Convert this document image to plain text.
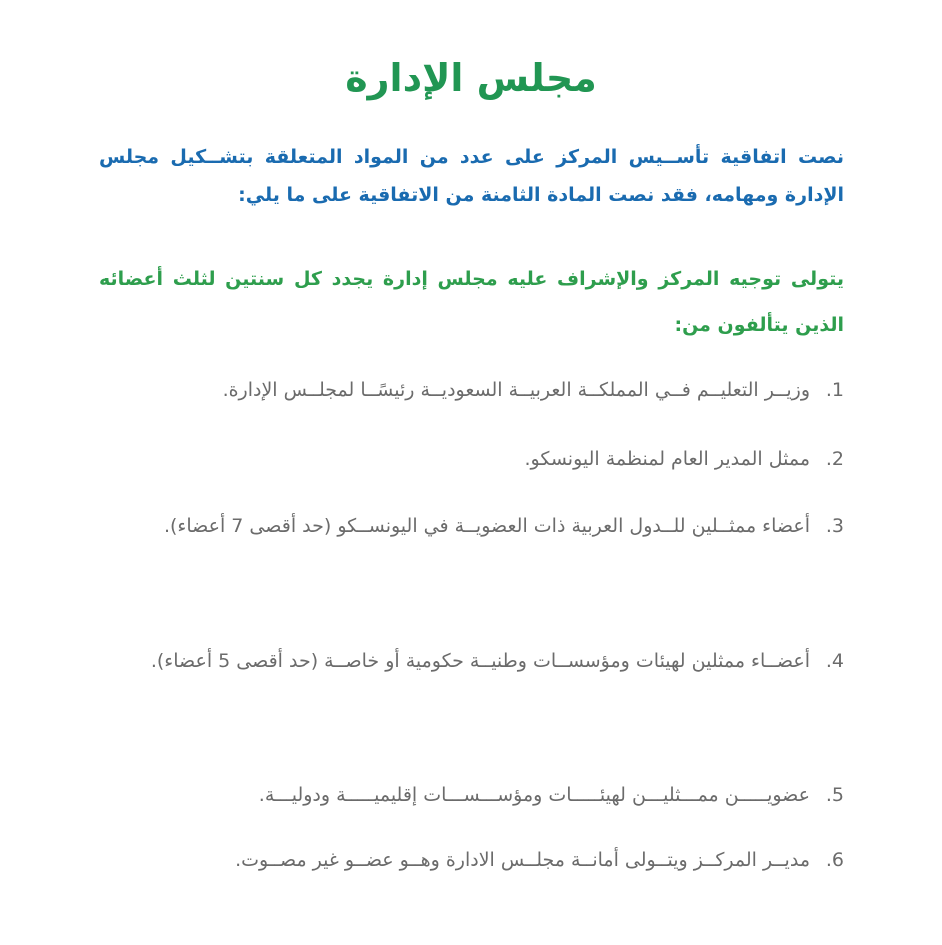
مجلس الإدارة

نصت اتفاقية تأســيس المركز على عدد من المواد المتعلقة بتشــكيل مجلس الإدارة ومهامه، فقد نصت المادة الثامنة من الاتفاقية على ما يلي:

يتولى توجيه المركز والإشراف عليه مجلس إدارة يجدد كل سنتين لثلث أعضائه الذين يتألفون من:

1.
وزيــر التعليــم فــي المملكــة العربيــة السعوديــة رئيسًــا لمجلــس الإدارة.
2.
ممثل المدير العام لمنظمة اليونسكو.
3.
أعضاء ممثــلين للــدول العربية ذات العضويــة في اليونســكو (حد أقصى 7 أعضاء).
4.
أعضــاء ممثلين لهيئات ومؤسســات وطنيــة حكومية أو خاصــة (حد أقصى 5 أعضاء).
5.
عضويـــــن ممـــثليـــن لهيئـــــات ومؤســـســـات إقليميـــــة ودوليـــة.
6.
مديــر المركــز ويتــولى أمانــة مجلــس الادارة وهــو عضــو غير مصــوت.
